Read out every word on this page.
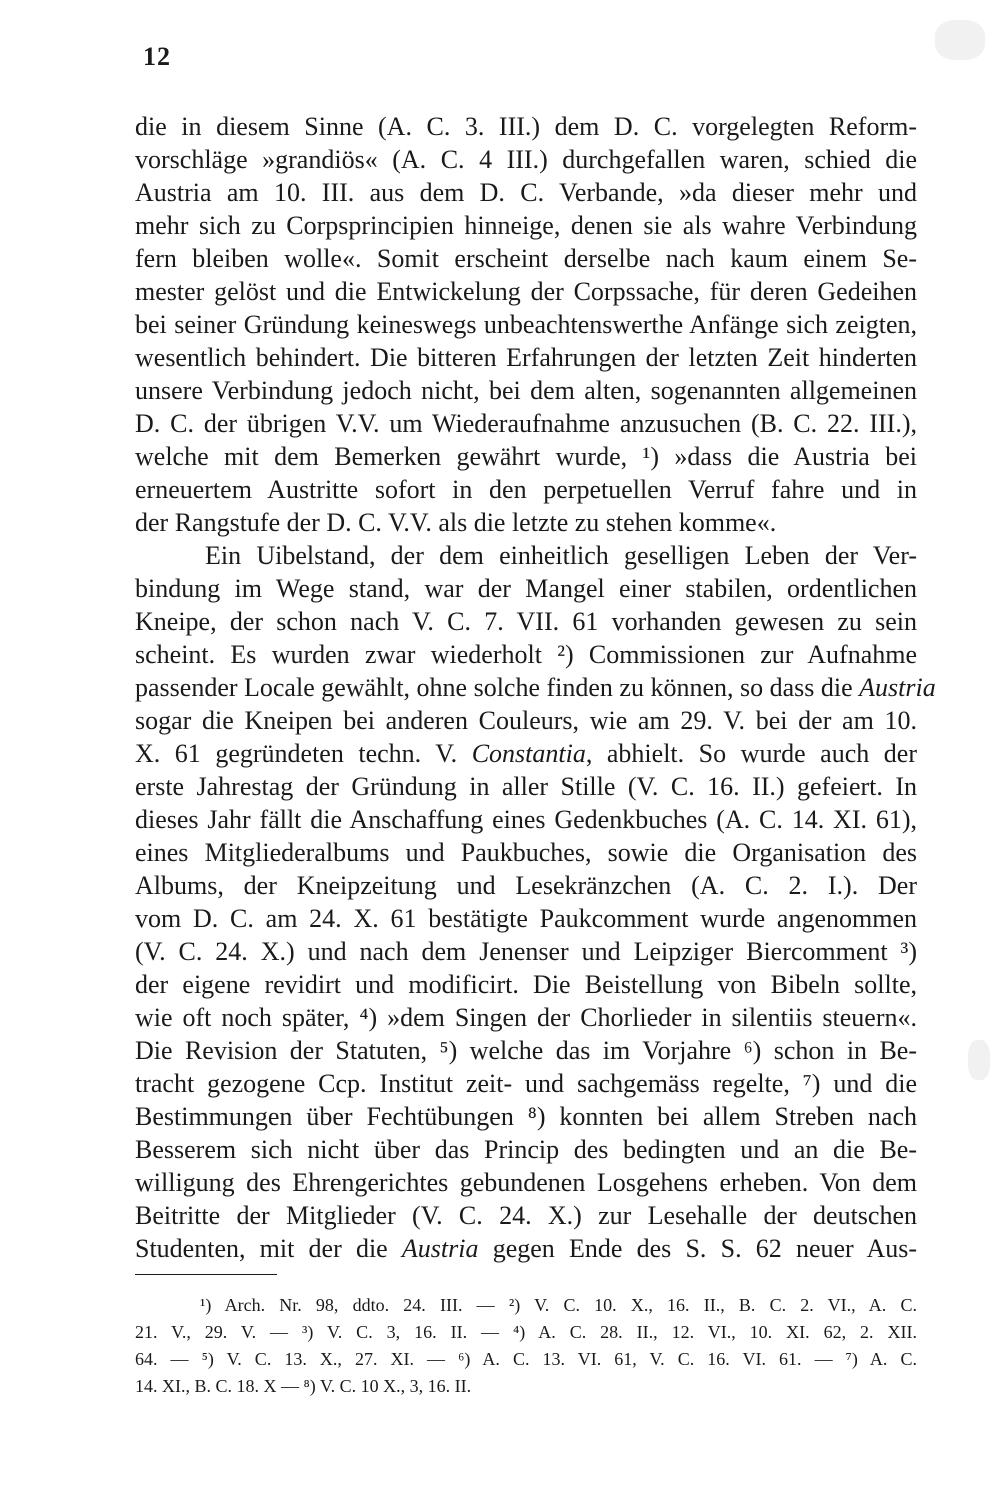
12
die in diesem Sinne (A. C. 3. III.) dem D. C. vorgelegten Reform-
vorschläge »grandiös« (A. C. 4 III.) durchgefallen waren, schied die
Austria am 10. III. aus dem D. C. Verbande, »da dieser mehr und
mehr sich zu Corpsprincipien hinneige, denen sie als wahre Verbindung
fern bleiben wolle«. Somit erscheint derselbe nach kaum einem Se-
mester gelöst und die Entwickelung der Corpssache, für deren Gedeihen
bei seiner Gründung keineswegs unbeachtenswerthe Anfänge sich zeigten,
wesentlich behindert. Die bitteren Erfahrungen der letzten Zeit hinderten
unsere Verbindung jedoch nicht, bei dem alten, sogenannten allgemeinen
D. C. der übrigen V.V. um Wiederaufnahme anzusuchen (B. C. 22. III.),
welche mit dem Bemerken gewährt wurde, ¹) »dass die Austria bei
erneuertem Austritte sofort in den perpetuellen Verruf fahre und in
der Rangstufe der D. C. V.V. als die letzte zu stehen komme«.
Ein Uibelstand, der dem einheitlich geselligen Leben der Ver-
bindung im Wege stand, war der Mangel einer stabilen, ordentlichen
Kneipe, der schon nach V. C. 7. VII. 61 vorhanden gewesen zu sein
scheint. Es wurden zwar wiederholt ²) Commissionen zur Aufnahme
passender Locale gewählt, ohne solche finden zu können, so dass die Austria
sogar die Kneipen bei anderen Couleurs, wie am 29. V. bei der am 10.
X. 61 gegründeten techn. V. Constantia, abhielt. So wurde auch der
erste Jahrestag der Gründung in aller Stille (V. C. 16. II.) gefeiert. In
dieses Jahr fällt die Anschaffung eines Gedenkbuches (A. C. 14. XI. 61),
eines Mitgliederalbums und Paukbuches, sowie die Organisation des
Albums, der Kneipzeitung und Lesekränzchen (A. C. 2. I.). Der
vom D. C. am 24. X. 61 bestätigte Paukcomment wurde angenommen
(V. C. 24. X.) und nach dem Jenenser und Leipziger Biercomment ³)
der eigene revidirt und modificirt. Die Beistellung von Bibeln sollte,
wie oft noch später, ⁴) »dem Singen der Chorlieder in silentiis steuern«.
Die Revision der Statuten, ⁵) welche das im Vorjahre ⁶) schon in Be-
tracht gezogene Ccp. Institut zeit- und sachgemäss regelte, ⁷) und die
Bestimmungen über Fechtübungen ⁸) konnten bei allem Streben nach
Besserem sich nicht über das Princip des bedingten und an die Be-
willigung des Ehrengerichtes gebundenen Losgehens erheben. Von dem
Beitritte der Mitglieder (V. C. 24. X.) zur Lesehalle der deutschen
Studenten, mit der die Austria gegen Ende des S. S. 62 neuer Aus-
¹) Arch. Nr. 98, ddto. 24. III. — ²) V. C. 10. X., 16. II., B. C. 2. VI., A. C.
21. V., 29. V. — ³) V. C. 3, 16. II. — ⁴) A. C. 28. II., 12. VI., 10. XI. 62, 2. XII.
64. — ⁵) V. C. 13. X., 27. XI. — ⁶) A. C. 13. VI. 61, V. C. 16. VI. 61. — ⁷) A. C.
14. XI., B. C. 18. X — ⁸) V. C. 10 X., 3, 16. II.
